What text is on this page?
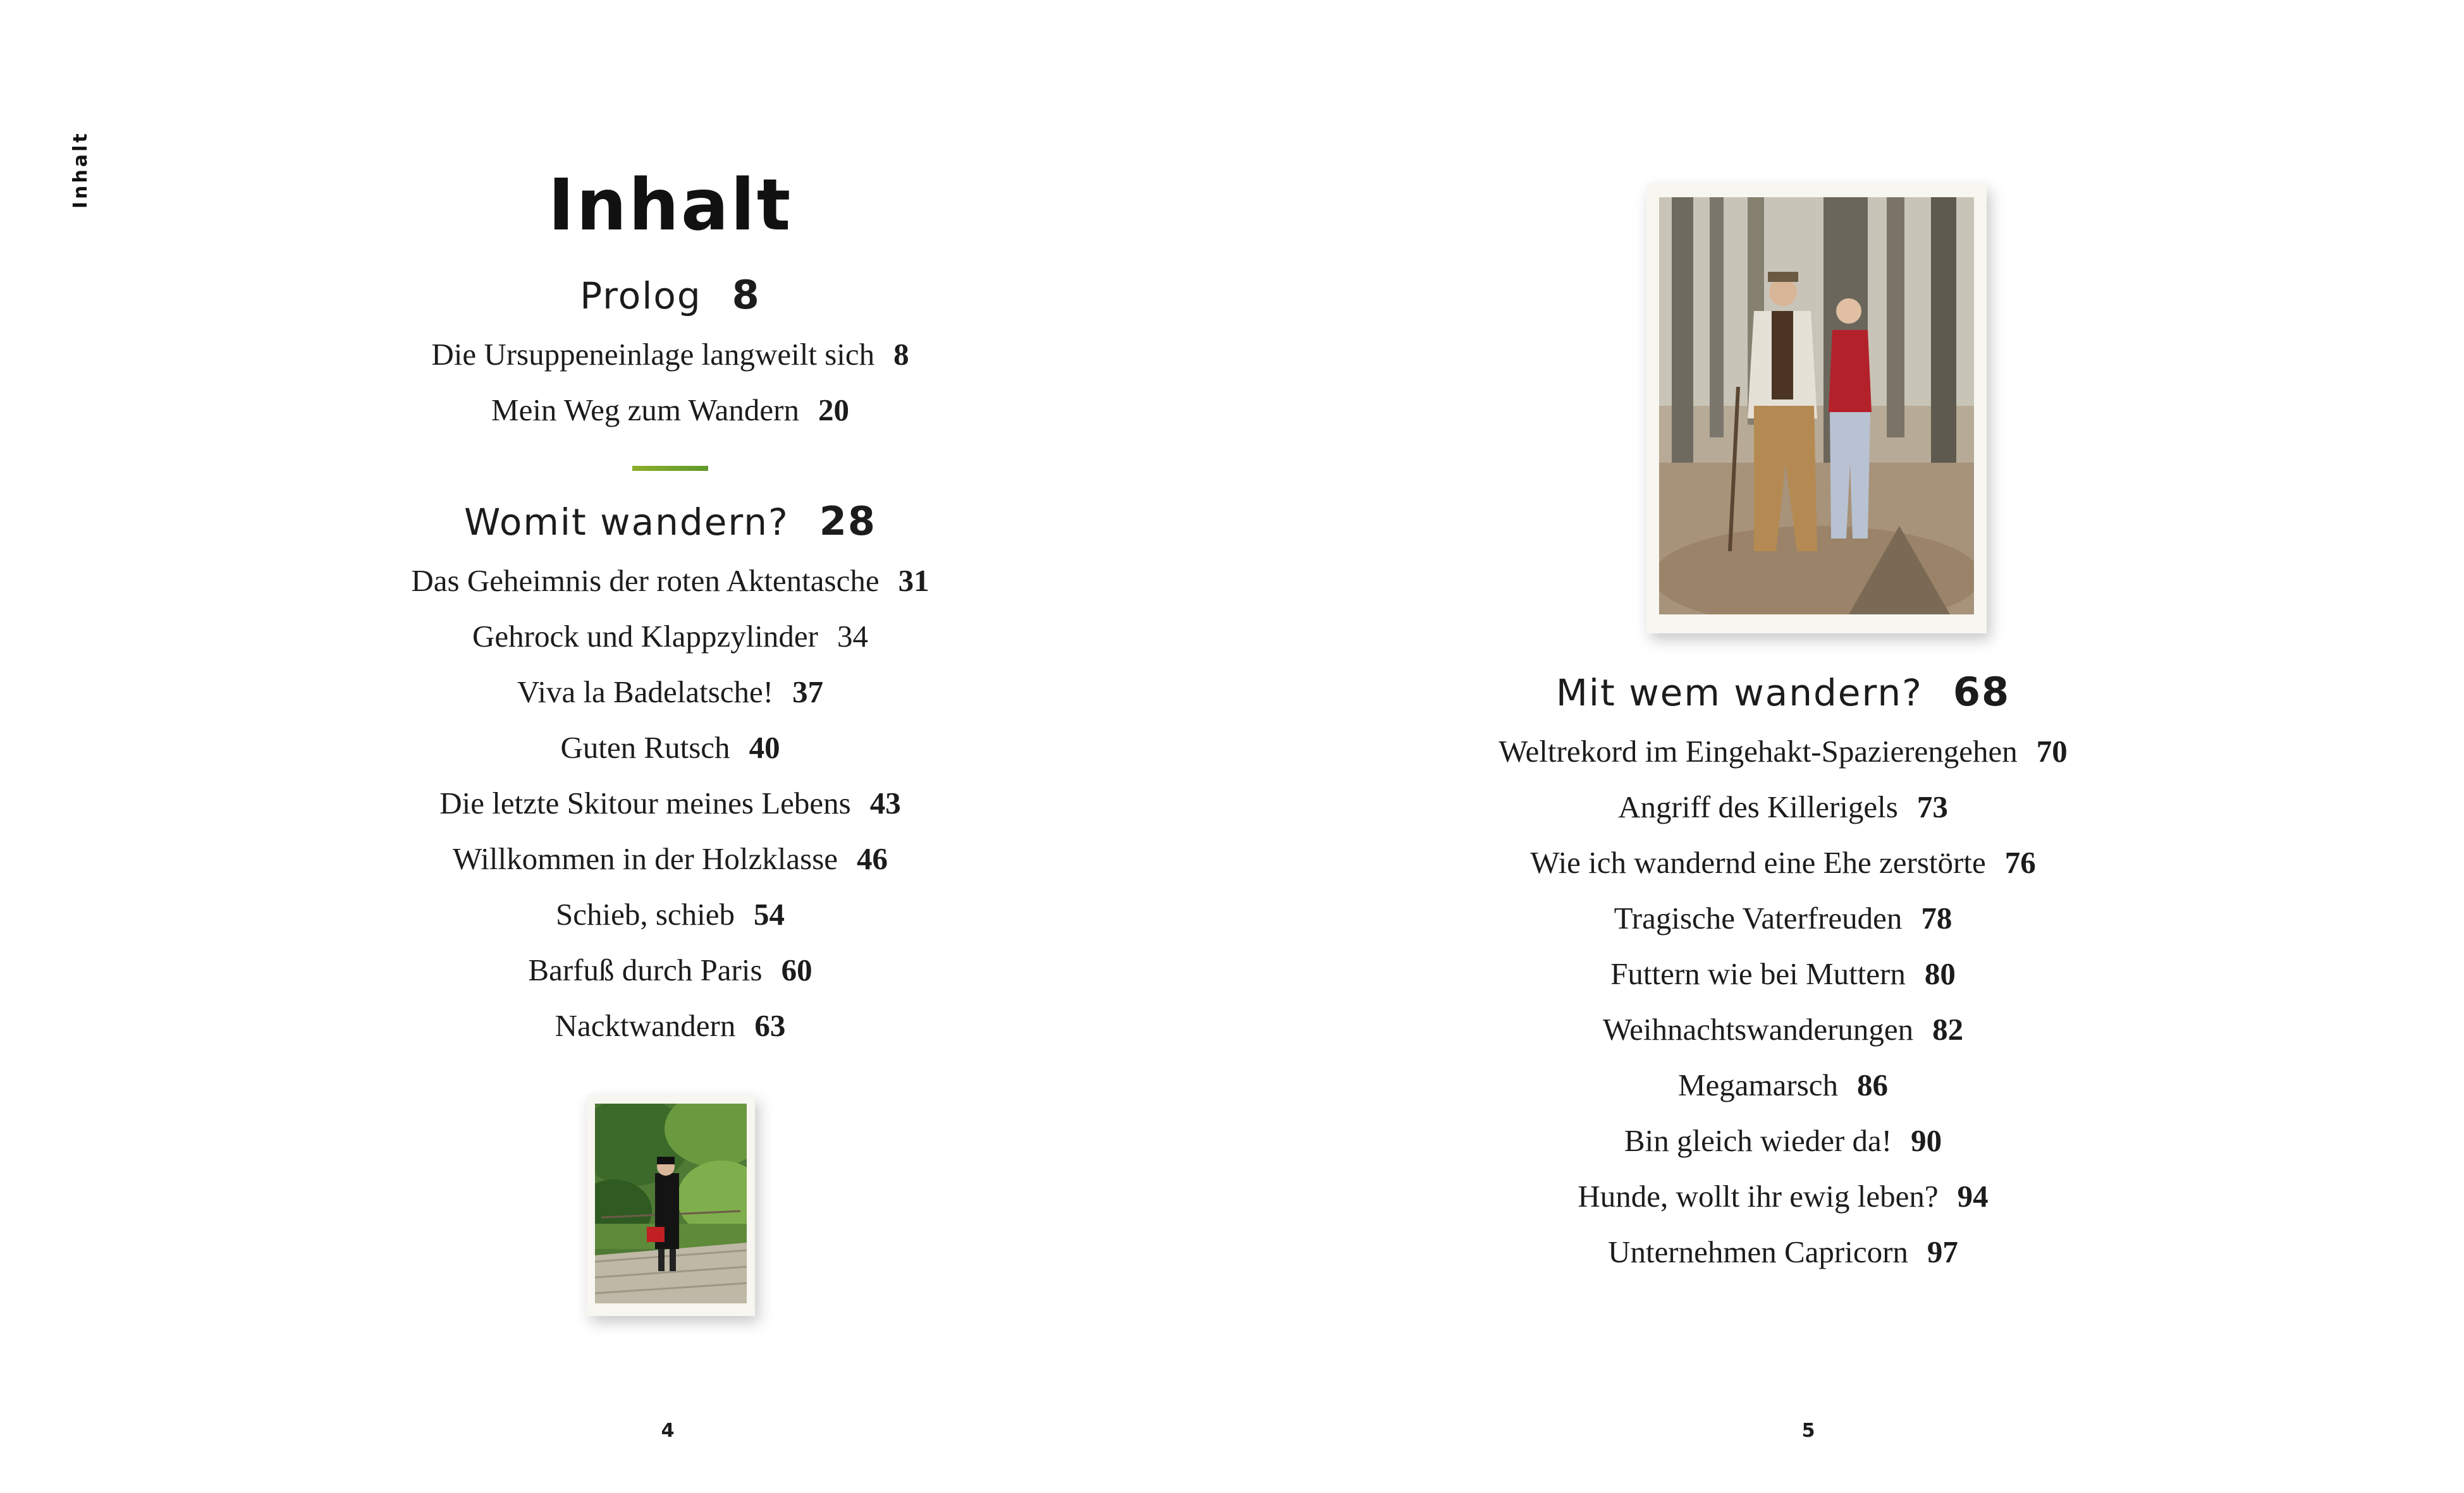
Inhalt	Inhalt
Prolog 8
Die Ursuppeneinlage langweilt sich 8
Mein Weg zum Wandern 20
Womit wandern? 28
Das Geheimnis der roten Aktentasche 31
Gehrock und Klappzylinder 34
Viva la Badelatsche! 37
Guten Rutsch 40
Die letzte Skitour meines Lebens 43
Willkommen in der Holzklasse 46
Schieb, schieb 54
Barfuß durch Paris 60
Nacktwandern 63
4
Mit wem wandern? 68
Weltrekord im Eingehakt-Spazierengehen 70
Angriff des Killerigels 73
Wie ich wandernd eine Ehe zerstörte 76
Tragische Vaterfreuden 78
Futtern wie bei Muttern 80
Weihnachtswanderungen 82
Megamarsch 86
Bin gleich wieder da! 90
Hunde, wollt ihr ewig leben? 94
Unternehmen Capricorn 97
5
